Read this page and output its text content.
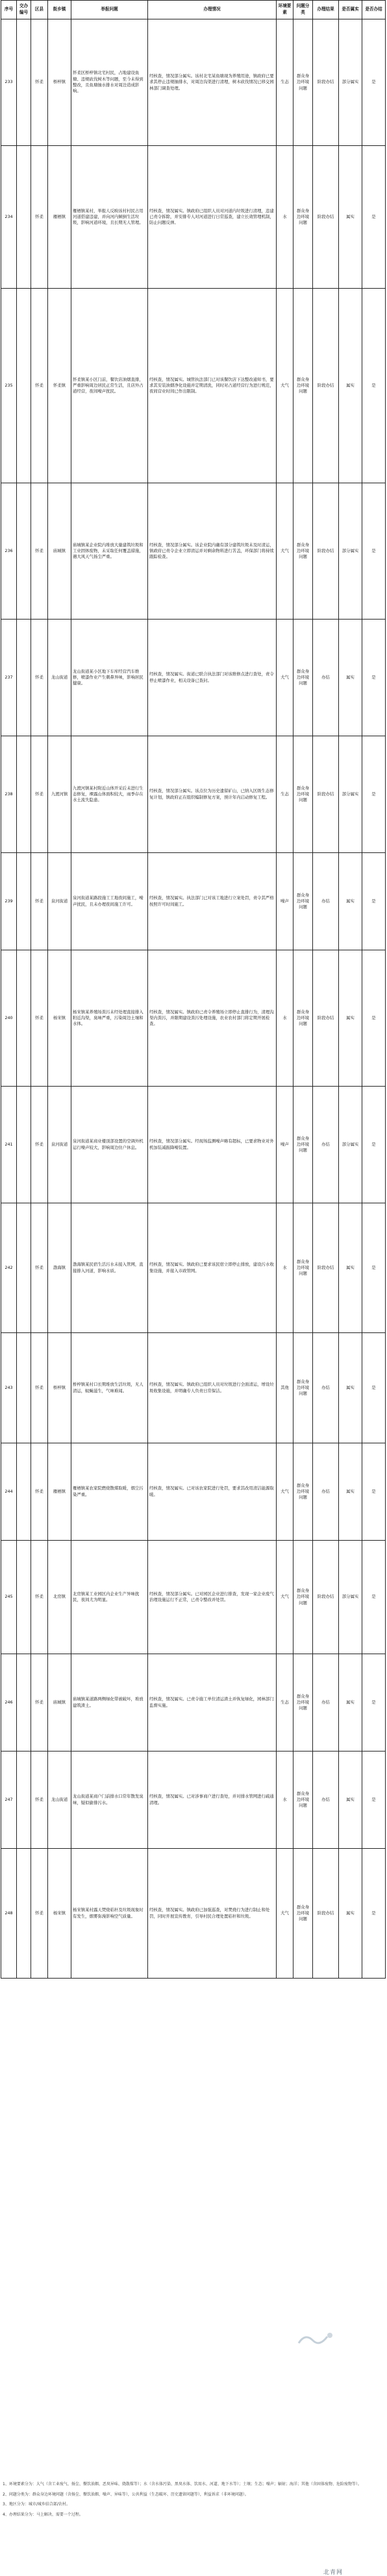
序号	交办编号	区县	街乡镇	举报问题	办理情况	环境要素	问题分类	办理结果	是否属实	是否办结
233		怀柔	桥梓镇	怀柔区桥梓镇北宅村民，占地建设鱼塘、违规砍伐树木等问题，至今未得到整改，且鱼塘抽水排水对周边造成影响。	经核查，情况部分属实。该村北宅某鱼塘现为养殖用途，镇政府已要求其停止违规抽排水，对周边沟渠进行清理，树木砍伐情况已移交园林部门调查处理。	生态	群众身边环境问题	阶段办结	部分属实	是
234		怀柔	雁栖镇	雁栖镇某村，举报人反映该村村民占用河道搭建违建，并向河内倾倒生活垃圾，影响河道环境，且长期无人管理。	经核查，情况属实。镇政府已组织人员对河道内垃圾进行清理，违建已责令拆除，并安排专人对河道进行日常巡查，建立长效管理机制，防止问题反弹。	水	群众身边环境问题	阶段办结	属实	是
235		怀柔	怀柔镇	怀柔镇某小区门前，餐饮店油烟直排，严重影响周边居民正常生活，且店外占道经营，夜间噪声扰民。	经核查，情况属实。城管执法部门已对该餐饮店下达整改通知书，要求其安装油烟净化设施并定期清洗，同时对占道经营行为进行规范，夜间营业时间已作出限制。	大气	群众身边环境问题	阶段办结	属实	是
236		怀柔	庙城镇	庙城镇某企业院内堆放大量建筑垃圾和工业固体废物，未采取任何覆盖措施，遇大风天气扬尘严重。	经核查，情况部分属实。该企业院内确有部分建筑垃圾未及时清运，镇政府已责令企业立即清运并对剩余物料进行苫盖，环保部门将持续跟踪检查。	大气	群众身边环境问题	阶段办结	部分属实	是
237		怀柔	龙山街道	龙山街道某小区地下车库经营汽车维修，喷漆作业产生刺鼻异味，影响居民健康。	经核查，情况属实。街道已联合执法部门对该维修点进行查处，责令停止喷漆作业，相关设备已查封。	大气	群众身边环境问题	办结	属实	是
238		怀柔	九渡河镇	九渡河镇某村附近山体开采后未进行生态修复，裸露山体面积较大，雨季存在水土流失隐患。	经核查，情况部分属实。该点位为历史遗留矿山，已纳入区级生态修复计划，镇政府正在组织编制修复方案，预计年内启动修复工程。	生态	群众身边环境问题	阶段办结	部分属实	是
239		怀柔	泉河街道	泉河街道某路段施工工地夜间施工，噪声扰民，且未办理夜间施工许可。	经核查，情况属实。执法部门已对该工地进行立案处罚，责令其严格按照许可时间施工。	噪声	群众身边环境问题	办结	属实	是
240		怀柔	杨宋镇	杨宋镇某养殖场粪污未经处理直接排入附近沟渠，臭味严重，污染周边土壤和水体。	经核查，情况属实。镇政府已责令养殖场立即停止直排行为，清理沟渠内粪污，并限期建设粪污处理设施，农业农村部门将定期开展检查。	水	群众身边环境问题	阶段办结	属实	是
241		怀柔	泉河街道	泉河街道某商业楼顶部设置的空调外机运行噪声较大，影响周边住户休息。	经核查，情况部分属实。经现场监测噪声略有超标，已要求物业对外机加装减振降噪装置。	噪声	群众身边环境问题	办结	部分属实	是
242		怀柔	渤海镇	渤海镇某民宿生活污水未接入管网，直接排入河道，影响水质。	经核查，情况属实。镇政府已要求该民宿立即停止排放，建设污水收集设施，并接入市政管网。	水	群众身边环境问题	阶段办结	属实	是
243		怀柔	桥梓镇	桥梓镇某村口长期堆放生活垃圾，无人清运，蚊蝇滋生，气味难闻。	经核查，情况属实。镇政府已组织人员对垃圾进行全面清运，增设垃圾收集设施，并明确专人负责日常保洁。	其他	群众身边环境问题	办结	属实	是
244		怀柔	雁栖镇	雁栖镇某农家院燃烧散煤取暖，烟尘污染严重。	经核查，情况属实。已对该农家院进行处罚，要求其改用清洁能源取暖。	大气	群众身边环境问题	办结	属实	是
245		怀柔	北房镇	北房镇某工业园区内企业生产异味扰民，夜间尤为明显。	经核查，情况部分属实。已对园区企业进行排查，发现一家企业废气治理设施运行不正常，已责令整改并处罚。	大气	群众身边环境问题	阶段办结	部分属实	是
246		怀柔	庙城镇	庙城镇某道路两侧绿化带被破坏，堆放建筑渣土。	经核查，情况属实。已责令施工单位清运渣土并恢复绿化，园林部门监督实施。	生态	群众身边环境问题	办结	属实	是
247		怀柔	龙山街道	龙山街道某商户门前排水口常年散发臭味，疑似偷排污水。	经核查，情况属实。已对涉事商户进行查处，并对排水管网进行疏通清理。	水	群众身边环境问题	办结	属实	是
248		怀柔	杨宋镇	杨宋镇某村露天焚烧秸秆及垃圾现象时有发生，烟雾弥漫影响空气质量。	经核查，情况属实。镇政府已加强巡查，对焚烧行为进行制止和处罚，同时开展宣传教育，引导村民合理处置秸秆和垃圾。	大气	群众身边环境问题	阶段办结	属实	是

1、环境要素分为：大气（含工业废气、扬尘、餐饮油烟、恶臭异味、烧散煤等）；水（含水体污染、黑臭水体、饮用水、河道、地下水等）；土壤；生态；噪声；辐射；海洋；其他（含固体废物、危险废物等）。

2、问题分类为：群众身边环境问题（含扬尘、餐饮油烟、噪声、异味等），公共利益（生态破坏、历史遗留问题等），利益诉求（非环境问题）。

3、地区分为：城市/城乡结合部/农村。

4、办理结果分为：马上解决、需要一个过程。

北青网
